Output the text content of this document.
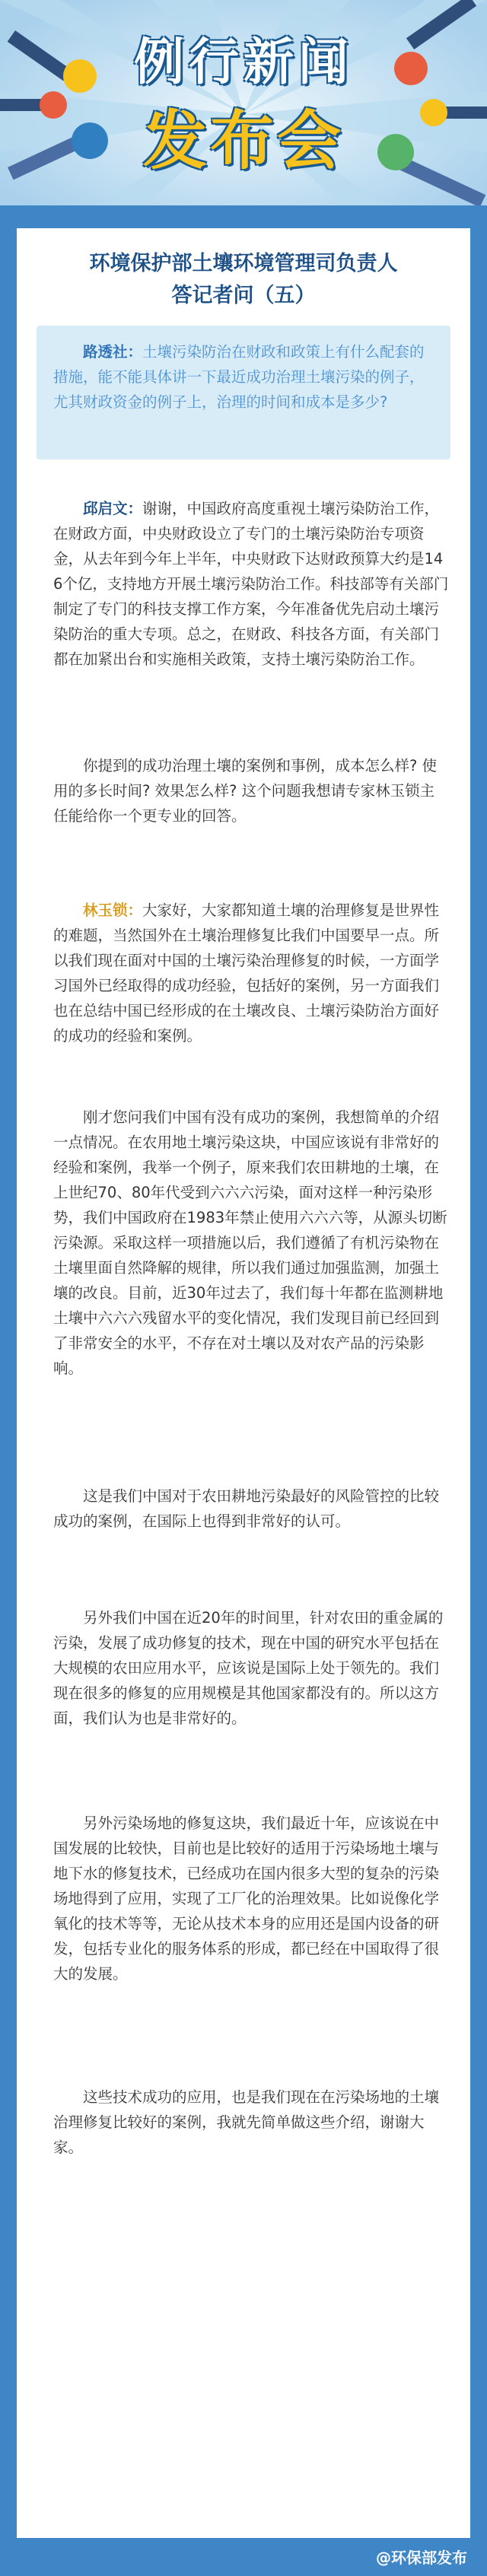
例行新闻
发布会
环境保护部土壤环境管理司负责人
答记者问（五）

路透社：土壤污染防治在财政和政策上有什么配套的措施，能不能具体讲一下最近成功治理土壤污染的例子，尤其财政资金的例子上，治理的时间和成本是多少?

邱启文：谢谢，中国政府高度重视土壤污染防治工作，在财政方面，中央财政设立了专门的土壤污染防治专项资金，从去年到今年上半年，中央财政下达财政预算大约是146个亿，支持地方开展土壤污染防治工作。科技部等有关部门制定了专门的科技支撑工作方案，今年准备优先启动土壤污染防治的重大专项。总之，在财政、科技各方面，有关部门都在加紧出台和实施相关政策，支持土壤污染防治工作。

你提到的成功治理土壤的案例和事例，成本怎么样? 使用的多长时间? 效果怎么样? 这个问题我想请专家林玉锁主任能给你一个更专业的回答。

林玉锁：大家好，大家都知道土壤的治理修复是世界性的难题，当然国外在土壤治理修复比我们中国要早一点。所以我们现在面对中国的土壤污染治理修复的时候，一方面学习国外已经取得的成功经验，包括好的案例，另一方面我们也在总结中国已经形成的在土壤改良、土壤污染防治方面好的成功的经验和案例。

刚才您问我们中国有没有成功的案例，我想简单的介绍一点情况。在农用地土壤污染这块，中国应该说有非常好的经验和案例，我举一个例子，原来我们农田耕地的土壤，在上世纪70、80年代受到六六六污染，面对这样一种污染形势，我们中国政府在1983年禁止使用六六六等，从源头切断污染源。采取这样一项措施以后，我们遵循了有机污染物在土壤里面自然降解的规律，所以我们通过加强监测，加强土壤的改良。目前，近30年过去了，我们每十年都在监测耕地土壤中六六六残留水平的变化情况，我们发现目前已经回到了非常安全的水平，不存在对土壤以及对农产品的污染影响。

这是我们中国对于农田耕地污染最好的风险管控的比较成功的案例，在国际上也得到非常好的认可。

另外我们中国在近20年的时间里，针对农田的重金属的污染，发展了成功修复的技术，现在中国的研究水平包括在大规模的农田应用水平，应该说是国际上处于领先的。我们现在很多的修复的应用规模是其他国家都没有的。所以这方面，我们认为也是非常好的。

另外污染场地的修复这块，我们最近十年，应该说在中国发展的比较快，目前也是比较好的适用于污染场地土壤与地下水的修复技术，已经成功在国内很多大型的复杂的污染场地得到了应用，实现了工厂化的治理效果。比如说像化学氧化的技术等等，无论从技术本身的应用还是国内设备的研发，包括专业化的服务体系的形成，都已经在中国取得了很大的发展。

这些技术成功的应用，也是我们现在在污染场地的土壤治理修复比较好的案例，我就先简单做这些介绍，谢谢大家。

@环保部发布
